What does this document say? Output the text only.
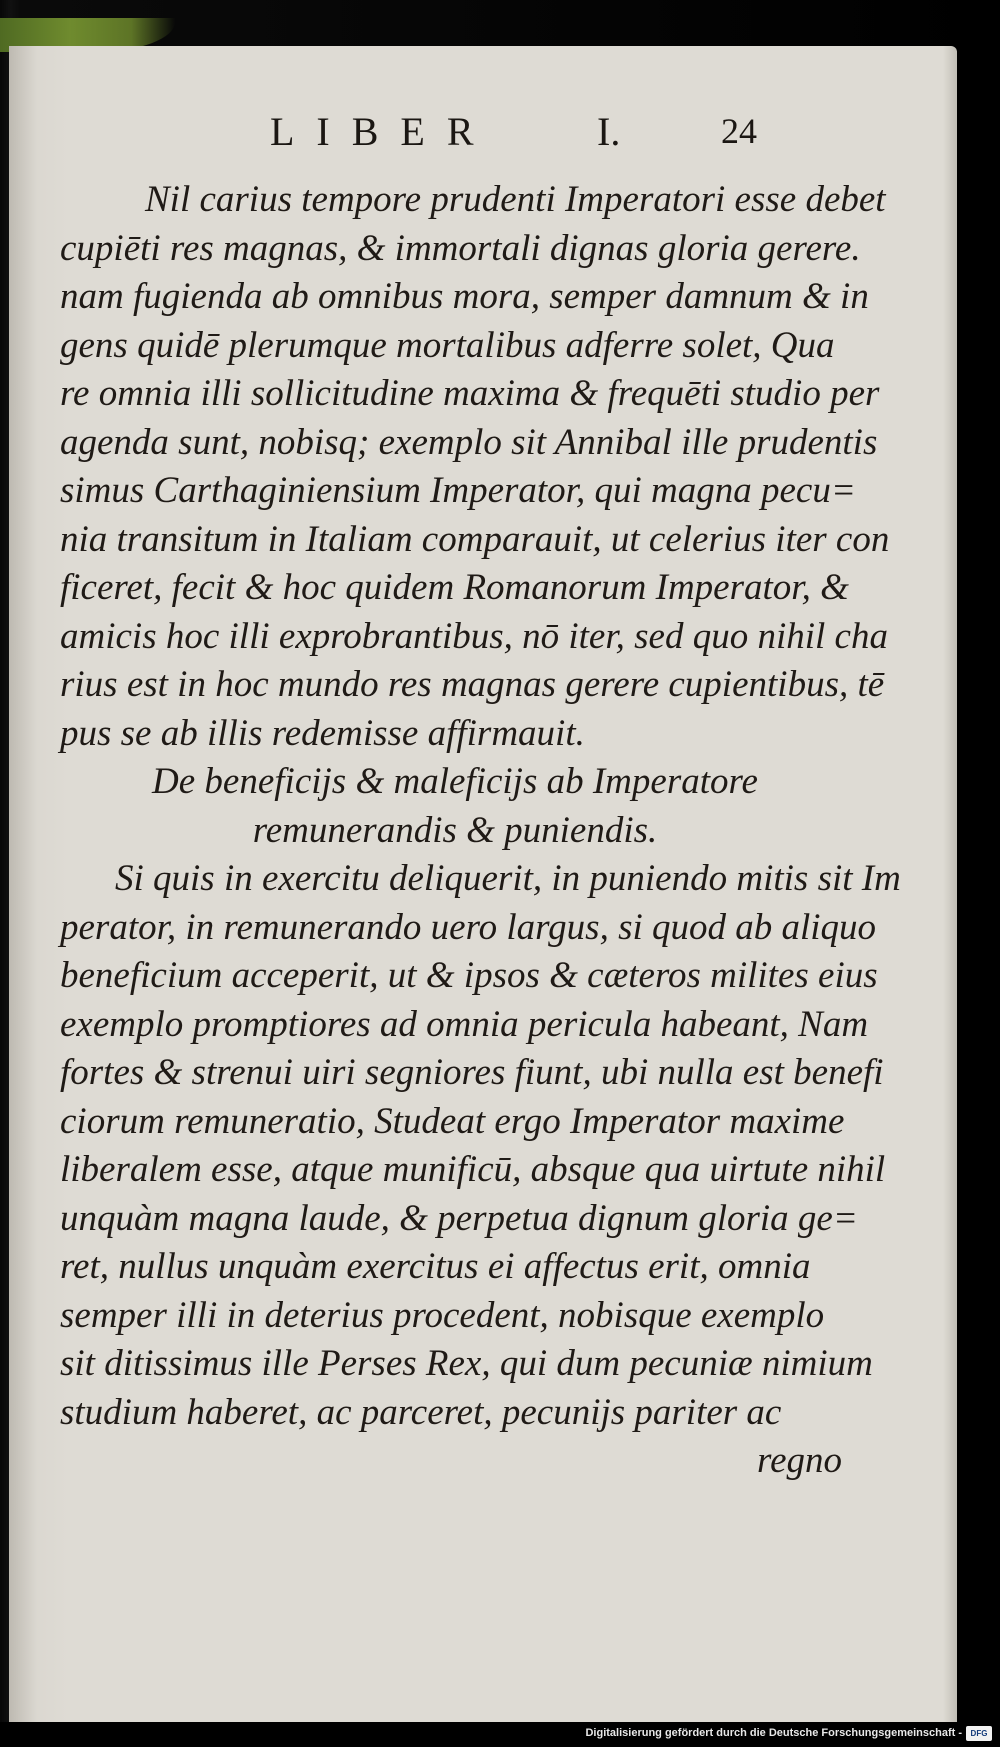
LIBER	I.	24
Nil carius tempore prudenti Imperatori esse debet
cupiēti res magnas, & immortali dignas gloria gerere.
nam fugienda ab omnibus mora, semper damnum & in
gens quidē plerumque mortalibus adferre solet, Qua
re omnia illi sollicitudine maxima & frequēti studio per
agenda sunt, nobisq; exemplo sit Annibal ille prudentis
simus Carthaginiensium Imperator, qui magna pecu=
nia transitum in Italiam comparauit, ut celerius iter con
ficeret, fecit & hoc quidem Romanorum Imperator, &
amicis hoc illi exprobrantibus, nō iter, sed quo nihil cha
rius est in hoc mundo res magnas gerere cupientibus, tē
pus se ab illis redemisse affirmauit.
De beneficijs & maleficijs ab Imperatore
remunerandis & puniendis.
Si quis in exercitu deliquerit, in puniendo mitis sit Im
perator, in remunerando uero largus, si quod ab aliquo
beneficium acceperit, ut & ipsos & cæteros milites eius
exemplo promptiores ad omnia pericula habeant, Nam
fortes & strenui uiri segniores fiunt, ubi nulla est benefi
ciorum remuneratio, Studeat ergo Imperator maxime
liberalem esse, atque munificū, absque qua uirtute nihil
unquàm magna laude, & perpetua dignum gloria ge=
ret, nullus unquàm exercitus ei affectus erit, omnia
semper illi in deterius procedent, nobisque exemplo
sit ditissimus ille Perses Rex, qui dum pecuniæ nimium
studium haberet, ac parceret, pecunijs pariter ac
regno
Digitalisierung gefördert durch die Deutsche Forschungsgemeinschaft -	DFG
